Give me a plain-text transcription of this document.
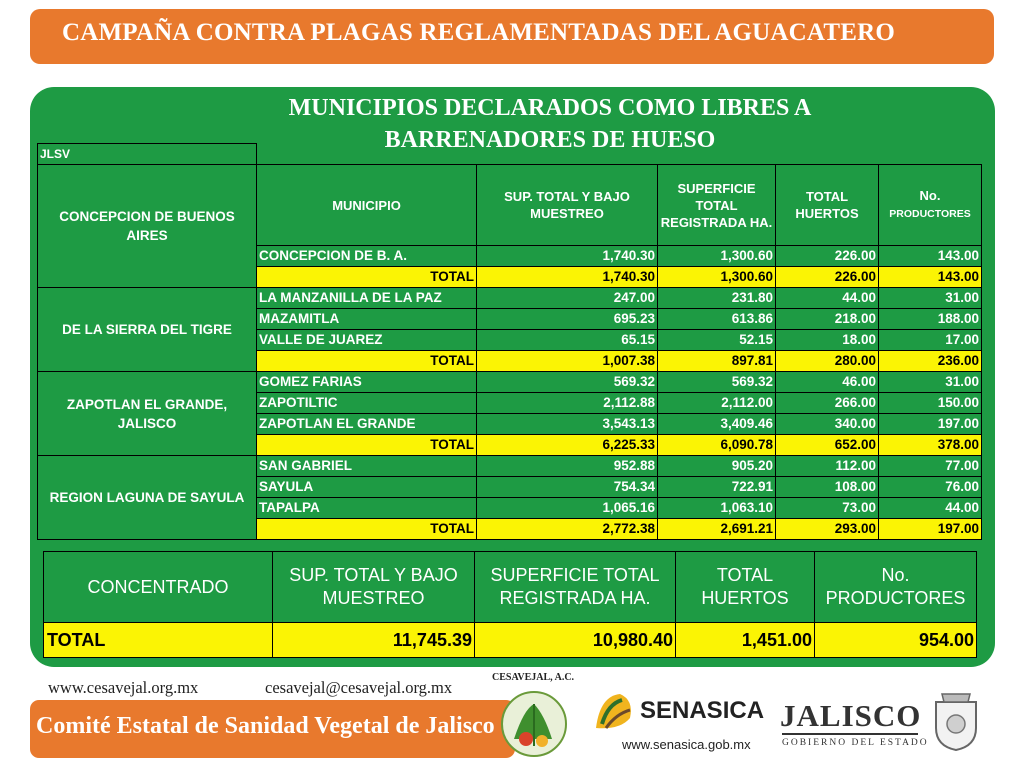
CAMPAÑA CONTRA PLAGAS REGLAMENTADAS DEL AGUACATERO
MUNICIPIOS DECLARADOS COMO LIBRES A
BARRENADORES DE HUESO
JLSV					
CONCEPCION DE BUENOS AIRES	MUNICIPIO	SUP. TOTAL Y BAJO MUESTREO	SUPERFICIE TOTAL REGISTRADA HA.	TOTAL HUERTOS	No.
PRODUCTORES
	CONCEPCION DE B. A.	1,740.30	1,300.60	226.00	143.00
	TOTAL	1,740.30	1,300.60	226.00	143.00
DE LA SIERRA DEL TIGRE	LA MANZANILLA DE LA PAZ	247.00	231.80	44.00	31.00
	MAZAMITLA	695.23	613.86	218.00	188.00
	VALLE DE JUAREZ	65.15	52.15	18.00	17.00
	TOTAL	1,007.38	897.81	280.00	236.00
ZAPOTLAN EL GRANDE, JALISCO	GOMEZ FARIAS	569.32	569.32	46.00	31.00
	ZAPOTILTIC	2,112.88	2,112.00	266.00	150.00
	ZAPOTLAN EL GRANDE	3,543.13	3,409.46	340.00	197.00
	TOTAL	6,225.33	6,090.78	652.00	378.00
REGION LAGUNA DE SAYULA	SAN GABRIEL	952.88	905.20	112.00	77.00
	SAYULA	754.34	722.91	108.00	76.00
	TAPALPA	1,065.16	1,063.10	73.00	44.00
	TOTAL	2,772.38	2,691.21	293.00	197.00
CONCENTRADO	SUP. TOTAL Y BAJO MUESTREO	SUPERFICIE TOTAL REGISTRADA HA.	TOTAL HUERTOS	No. PRODUCTORES
TOTAL	11,745.39	10,980.40	1,451.00	954.00
www.cesavejal.org.mx	cesavejal@cesavejal.org.mx
Comité Estatal de Sanidad Vegetal de Jalisco
CESAVEJAL, A.C.
SENASICA
www.senasica.gob.mx
JALISCO
GOBIERNO DEL ESTADO
